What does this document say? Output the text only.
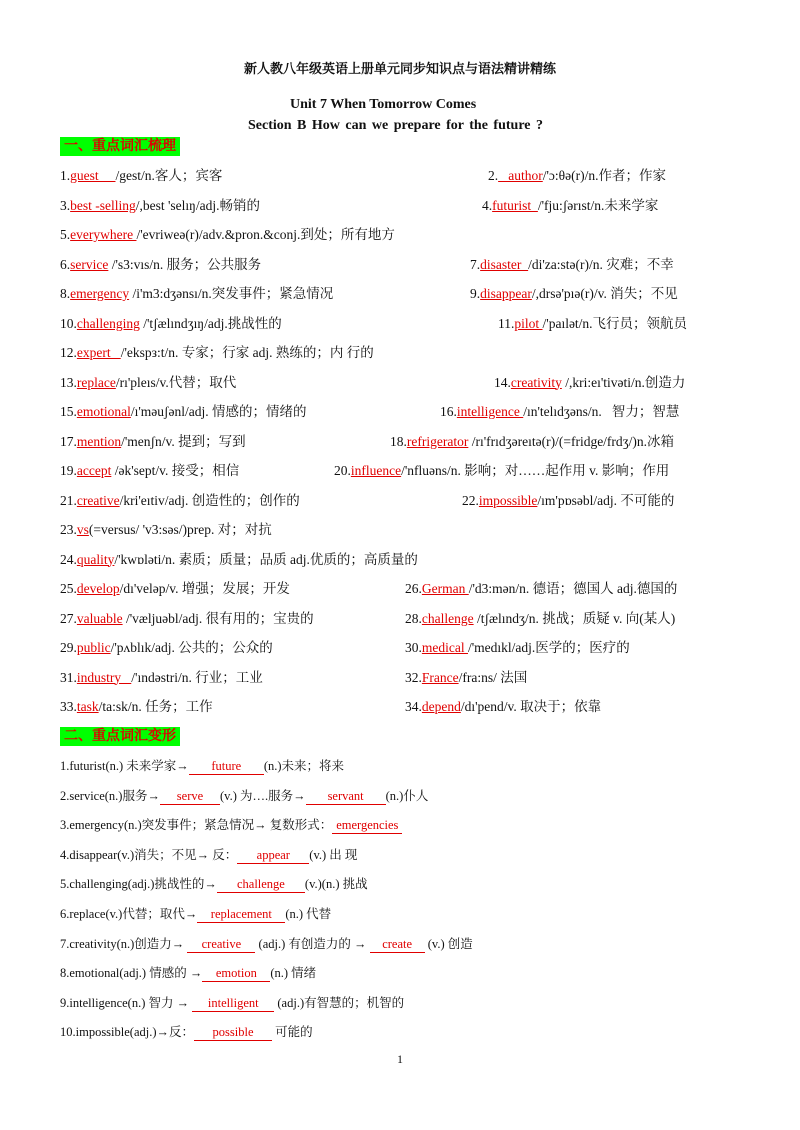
新人教八年级英语上册单元同步知识点与语法精讲精练
Unit 7 When Tomorrow Comes
Section B How can we prepare for the future ?
一、重点词汇梳理
1.guest     /gest/n.客人；宾客	2.   author/'ɔ:θə(r)/n.作者；作家
3.best -selling/,best 'selıŋ/adj.畅销的	4.futurist  /'fju:ʃərıst/n.未来学家
5.everywhere /'evriweə(r)/adv.&pron.&conj.到处；所有地方
6.service /'s3:vıs/n. 服务；公共服务	7.disaster  /di'za:stə(r)/n. 灾难；不幸
8.emergency /i'm3:dʒənsı/n.突发事件；紧急情况	9.disappear/,drsə'pıə(r)/v. 消失；不见
10.challenging /'tʃælındʒıŋ/adj.挑战性的	11.pilot /'paılət/n.飞行员；领航员
12.expert   /'ekspз:t/n. 专家；行家 adj. 熟练的；内 行的
13.replace/rı'pleıs/v.代替；取代	14.creativity /,kri:eı'tivəti/n.创造力
15.emotional/ı'məuʃənl/adj. 情感的；情绪的	16.intelligence /ın'telıdʒəns/n.   智力；智慧
17.mention/'menʃn/v. 提到；写到	18.refrigerator /rı'frıdʒəreıtə(r)/(=fridge/frdʒ/)n.冰箱
19.accept /ək'sept/v. 接受；相信	20.influence/'nfluəns/n. 影响；对……起作用 v. 影响；作用
21.creative/kri'eıtiv/adj. 创造性的；创作的	22.impossible/ım'pɒsəbl/adj. 不可能的
23.vs(=versus/ 'v3:səs/)prep. 对；对抗
24.quality/'kwɒləti/n. 素质；质量；品质 adj.优质的；高质量的
25.develop/dı'veləp/v. 增强；发展；开发	26.German /'d3:mən/n. 德语；德国人 adj.德国的
27.valuable /'væljuəbl/adj. 很有用的；宝贵的	28.challenge /tʃælındʒ/n. 挑战；质疑 v. 向(某人)
29.public/'pʌblık/adj. 公共的；公众的	30.medical /'medıkl/adj.医学的；医疗的
31.industry   /'ındəstri/n. 行业；工业	32.France/fra:ns/ 法国
33.task/ta:sk/n. 任务；工作	34.depend/dı'pend/v. 取决于；依靠
二、重点词汇变形
1.futurist(n.) 未来学家→ future (n.)未来；将来
2.service(n.)服务→ serve (v.) 为….服务→ servant (n.)仆人
3.emergency(n.)突发事件；紧急情况→ 复数形式： emergencies
4.disappear(v.)消失；不见→ 反： appear (v.) 出 现
5.challenging(adj.)挑战性的→ challenge (v.)(n.) 挑战
6.replace(v.)代替；取代→ replacement (n.) 代替
7.creativity(n.)创造力→ creative (adj.) 有创造力的 → create (v.) 创造
8.emotional(adj.) 情感的 → emotion (n.) 情绪
9.intelligence(n.) 智力 → intelligent (adj.)有智慧的；机智的
10.impossible(adj.)→反： possible 可能的
1
